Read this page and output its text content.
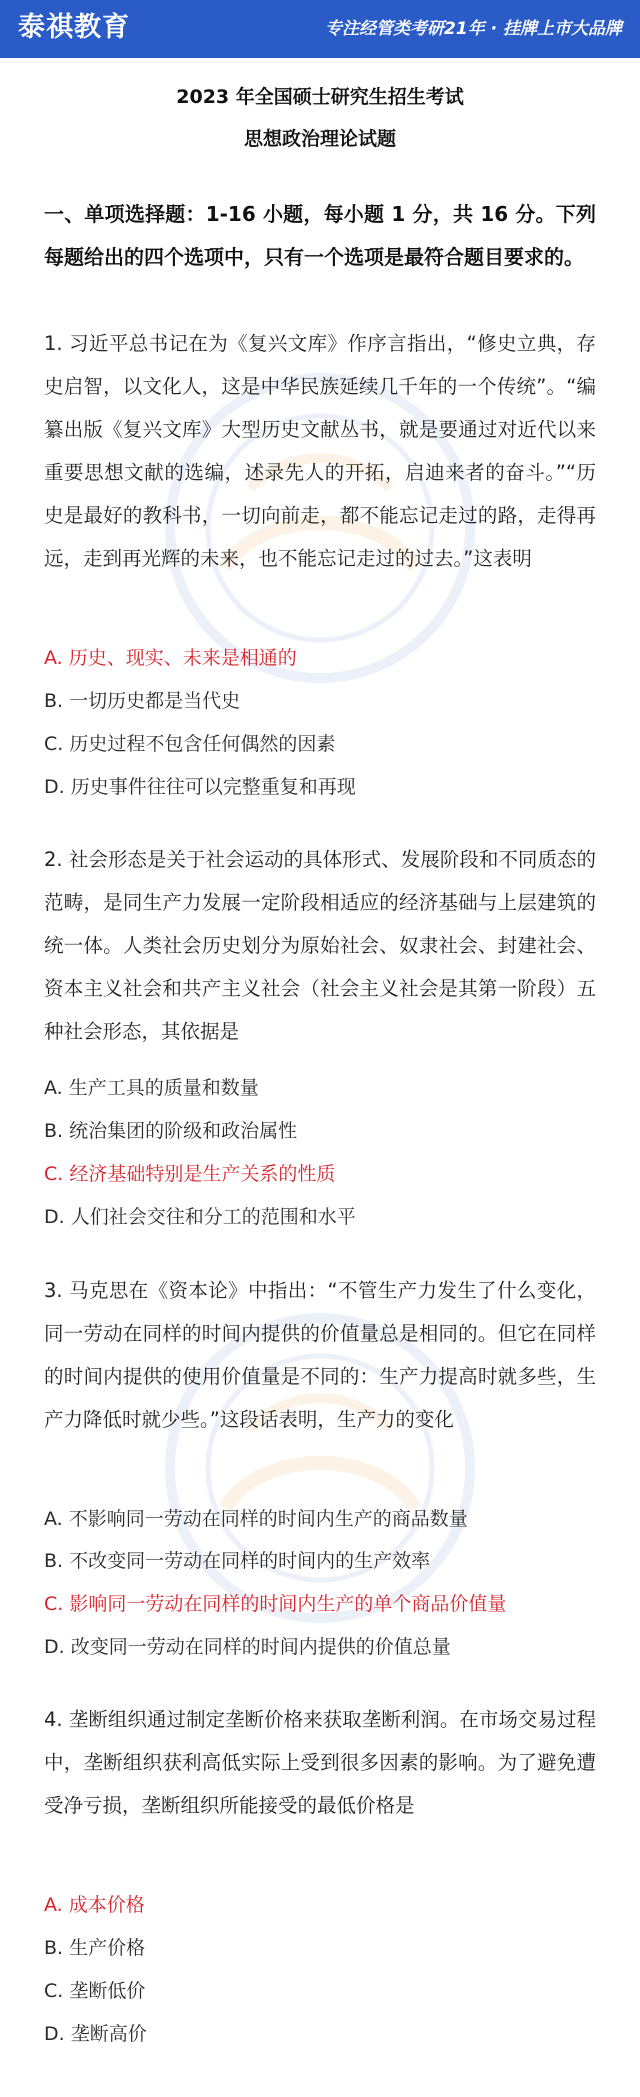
泰祺教育	专注经管类考研21年 · 挂牌上市大品牌
2023 年全国硕士研究生招生考试
思想政治理论试题

一、单项选择题：1-16 小题，每小题 1 分，共 16 分。下列每题给出的四个选项中，只有一个选项是最符合题目要求的。

1. 习近平总书记在为《复兴文库》作序言指出，“修史立典，存史启智，以文化人，这是中华民族延续几千年的一个传统”。“编纂出版《复兴文库》大型历史文献丛书，就是要通过对近代以来重要思想文献的选编，述录先人的开拓，启迪来者的奋斗。”“历史是最好的教科书，一切向前走，都不能忘记走过的路，走得再远，走到再光辉的未来，也不能忘记走过的过去。”这表明

A. 历史、现实、未来是相通的
B. 一切历史都是当代史
C. 历史过程不包含任何偶然的因素
D. 历史事件往往可以完整重复和再现

2. 社会形态是关于社会运动的具体形式、发展阶段和不同质态的范畴，是同生产力发展一定阶段相适应的经济基础与上层建筑的统一体。人类社会历史划分为原始社会、奴隶社会、封建社会、资本主义社会和共产主义社会（社会主义社会是其第一阶段）五种社会形态，其依据是

A. 生产工具的质量和数量
B. 统治集团的阶级和政治属性
C. 经济基础特别是生产关系的性质
D. 人们社会交往和分工的范围和水平

3. 马克思在《资本论》中指出：“不管生产力发生了什么变化，同一劳动在同样的时间内提供的价值量总是相同的。但它在同样的时间内提供的使用价值量是不同的：生产力提高时就多些，生产力降低时就少些。”这段话表明，生产力的变化

A. 不影响同一劳动在同样的时间内生产的商品数量
B. 不改变同一劳动在同样的时间内的生产效率
C. 影响同一劳动在同样的时间内生产的单个商品价值量
D. 改变同一劳动在同样的时间内提供的价值总量

4. 垄断组织通过制定垄断价格来获取垄断利润。在市场交易过程中，垄断组织获利高低实际上受到很多因素的影响。为了避免遭受净亏损，垄断组织所能接受的最低价格是

A. 成本价格
B. 生产价格
C. 垄断低价
D. 垄断高价
